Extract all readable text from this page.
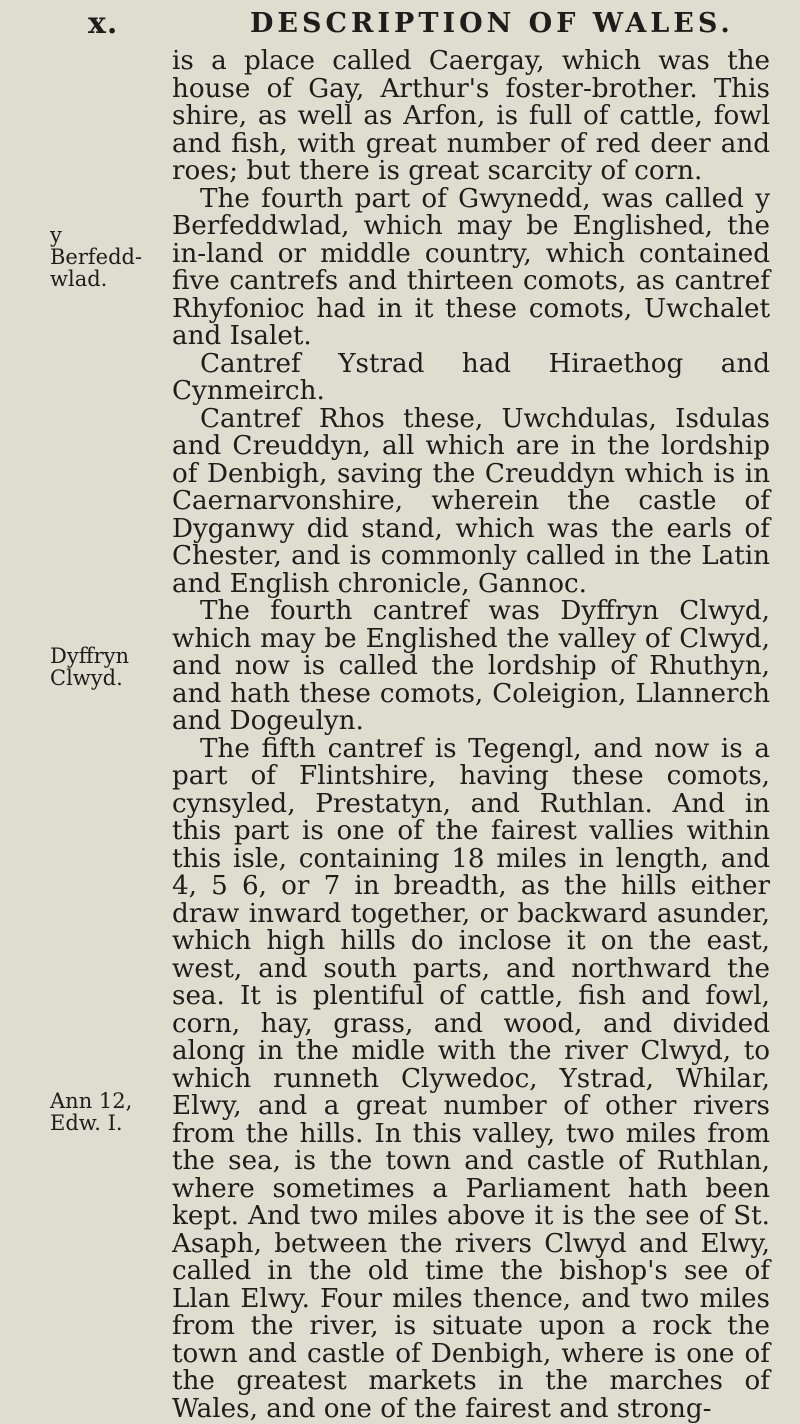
x.	DESCRIPTION OF WALES.
y Berfedd-wlad.
Dyffryn Clwyd.
Ann 12, Edw. I.

is a place called Caergay, which was the house of Gay, Arthur's foster-brother. This shire, as well as Arfon, is full of cattle, fowl and fish, with great number of red deer and roes; but there is great scarcity of corn.

The fourth part of Gwynedd, was called y Berfeddwlad, which may be Englished, the in-land or middle country, which contained five cantrefs and thirteen comots, as cantref Rhyfonioc had in it these comots, Uwchalet and Isalet.

Cantref Ystrad had Hiraethog and Cynmeirch.

Cantref Rhos these, Uwchdulas, Isdulas and Creuddyn, all which are in the lordship of Denbigh, saving the Creuddyn which is in Caernarvonshire, wherein the castle of Dyganwy did stand, which was the earls of Chester, and is commonly called in the Latin and English chronicle, Gannoc.

The fourth cantref was Dyffryn Clwyd, which may be Englished the valley of Clwyd, and now is called the lordship of Rhuthyn, and hath these comots, Coleigion, Llannerch and Dogeulyn.

The fifth cantref is Tegengl, and now is a part of Flintshire, having these comots, cynsyled, Prestatyn, and Ruthlan. And in this part is one of the fairest vallies within this isle, containing 18 miles in length, and 4, 5 6, or 7 in breadth, as the hills either draw inward together, or backward asunder, which high hills do inclose it on the east, west, and south parts, and northward the sea. It is plentiful of cattle, fish and fowl, corn, hay, grass, and wood, and divided along in the midle with the river Clwyd, to which runneth Clywedoc, Ystrad, Whilar, Elwy, and a great number of other rivers from the hills. In this valley, two miles from the sea, is the town and castle of Ruthlan, where sometimes a Parliament hath been kept. And two miles above it is the see of St. Asaph, between the rivers Clwyd and Elwy, called in the old time the bishop's see of Llan Elwy. Four miles thence, and two miles from the river, is situate upon a rock the town and castle of Denbigh, where is one of the greatest markets in the marches of Wales, and one of the fairest and strong-
